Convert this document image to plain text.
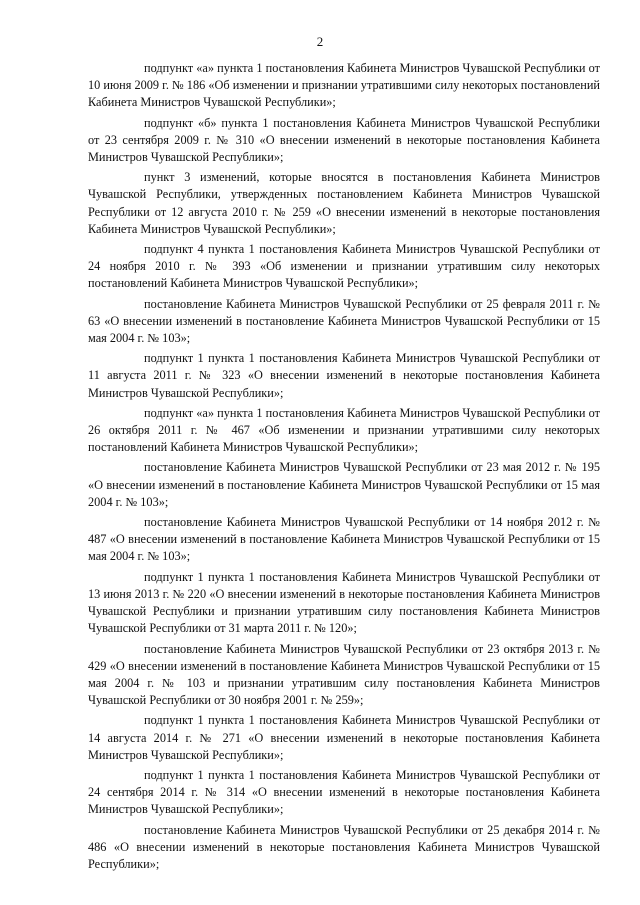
2

подпункт «а» пункта 1 постановления Кабинета Министров Чувашской Республики от 10 июня 2009 г. № 186 «Об изменении и признании утратившими силу некоторых постановлений Кабинета Министров Чувашской Республики»;

подпункт «б» пункта 1 постановления Кабинета Министров Чувашской Республики от 23 сентября 2009 г. № 310 «О внесении изменений в некоторые постановления Кабинета Министров Чувашской Республики»;

пункт 3 изменений, которые вносятся в постановления Кабинета Министров Чувашской Республики, утвержденных постановлением Кабинета Министров Чувашской Республики от 12 августа 2010 г. № 259 «О внесении изменений в некоторые постановления Кабинета Министров Чувашской Республики»;

подпункт 4 пункта 1 постановления Кабинета Министров Чувашской Республики от 24 ноября 2010 г. № 393 «Об изменении и признании утратившим силу некоторых постановлений Кабинета Министров Чувашской Республики»;

постановление Кабинета Министров Чувашской Республики от 25 февраля 2011 г. № 63 «О внесении изменений в постановление Кабинета Министров Чувашской Республики от 15 мая 2004 г. № 103»;

подпункт 1 пункта 1 постановления Кабинета Министров Чувашской Республики от 11 августа 2011 г. № 323 «О внесении изменений в некоторые постановления Кабинета Министров Чувашской Республики»;

подпункт «а» пункта 1 постановления Кабинета Министров Чувашской Республики от 26 октября 2011 г. № 467 «Об изменении и признании утратившими силу некоторых постановлений Кабинета Министров Чувашской Республики»;

постановление Кабинета Министров Чувашской Республики от 23 мая 2012 г. № 195 «О внесении изменений в постановление Кабинета Министров Чувашской Республики от 15 мая 2004 г. № 103»;

постановление Кабинета Министров Чувашской Республики от 14 ноября 2012 г. № 487 «О внесении изменений в постановление Кабинета Министров Чувашской Республики от 15 мая 2004 г. № 103»;

подпункт 1 пункта 1 постановления Кабинета Министров Чувашской Республики от 13 июня 2013 г. № 220 «О внесении изменений в некоторые постановления Кабинета Министров Чувашской Республики и признании утратившим силу постановления Кабинета Министров Чувашской Республики от 31 марта 2011 г. № 120»;

постановление Кабинета Министров Чувашской Республики от 23 октября 2013 г. № 429 «О внесении изменений в постановление Кабинета Министров Чувашской Республики от 15 мая 2004 г. № 103 и признании утратившим силу постановления Кабинета Министров Чувашской Республики от 30 ноября 2001 г. № 259»;

подпункт 1 пункта 1 постановления Кабинета Министров Чувашской Республики от 14 августа 2014 г. № 271 «О внесении изменений в некоторые постановления Кабинета Министров Чувашской Республики»;

подпункт 1 пункта 1 постановления Кабинета Министров Чувашской Республики от 24 сентября 2014 г. № 314 «О внесении изменений в некоторые постановления Кабинета Министров Чувашской Республики»;

постановление Кабинета Министров Чувашской Республики от 25 декабря 2014 г. № 486 «О внесении изменений в некоторые постановления Кабинета Министров Чувашской Республики»;
